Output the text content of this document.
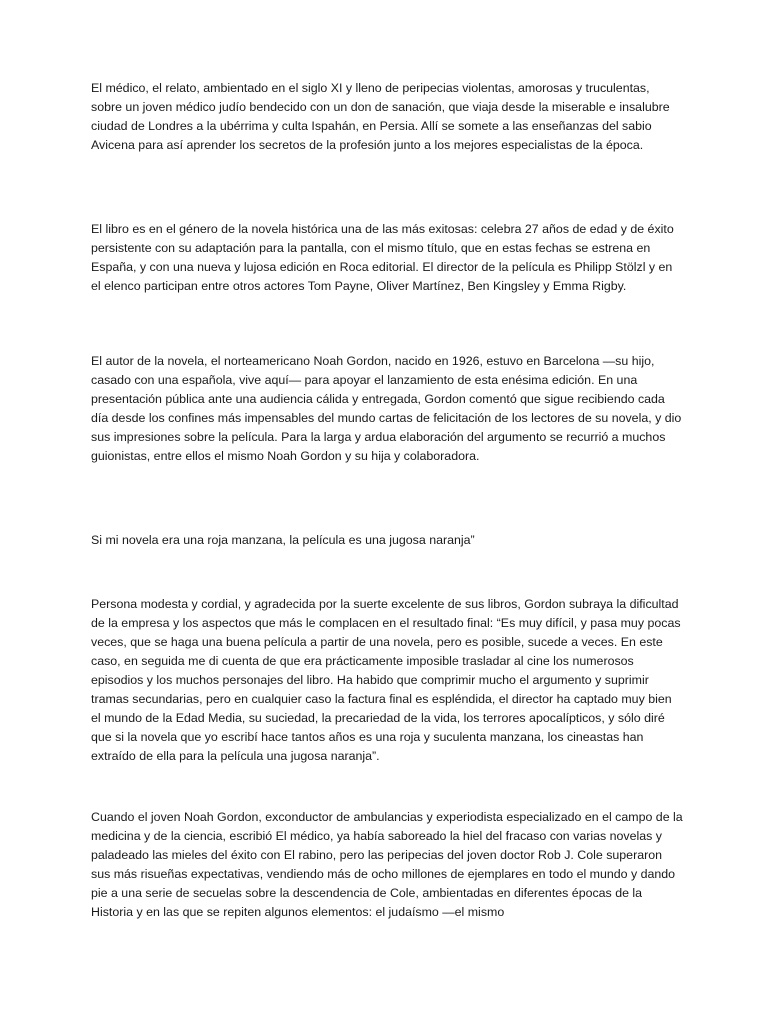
El médico, el relato, ambientado en el siglo XI y lleno de peripecias violentas, amorosas y truculentas, sobre un joven médico judío bendecido con un don de sanación, que viaja desde la miserable e insalubre ciudad de Londres a la ubérrima y culta Ispahán, en Persia. Allí se somete a las enseñanzas del sabio Avicena para así aprender los secretos de la profesión junto a los mejores especialistas de la época.

El libro es en el género de la novela histórica una de las más exitosas: celebra 27 años de edad y de éxito persistente con su adaptación para la pantalla, con el mismo título, que en estas fechas se estrena en España, y con una nueva y lujosa edición en Roca editorial. El director de la película es Philipp Stölzl y en el elenco participan entre otros actores Tom Payne, Oliver Martínez, Ben Kingsley y Emma Rigby.

El autor de la novela, el norteamericano Noah Gordon, nacido en 1926, estuvo en Barcelona —su hijo, casado con una española, vive aquí— para apoyar el lanzamiento de esta enésima edición. En una presentación pública ante una audiencia cálida y entregada, Gordon comentó que sigue recibiendo cada día desde los confines más impensables del mundo cartas de felicitación de los lectores de su novela, y dio sus impresiones sobre la película. Para la larga y ardua elaboración del argumento se recurrió a muchos guionistas, entre ellos el mismo Noah Gordon y su hija y colaboradora.

Si mi novela era una roja manzana, la película es una jugosa naranja”

Persona modesta y cordial, y agradecida por la suerte excelente de sus libros, Gordon subraya la dificultad de la empresa y los aspectos que más le complacen en el resultado final: “Es muy difícil, y pasa muy pocas veces, que se haga una buena película a partir de una novela, pero es posible, sucede a veces. En este caso, en seguida me di cuenta de que era prácticamente imposible trasladar al cine los numerosos episodios y los muchos personajes del libro. Ha habido que comprimir mucho el argumento y suprimir tramas secundarias, pero en cualquier caso la factura final es espléndida, el director ha captado muy bien el mundo de la Edad Media, su suciedad, la precariedad de la vida, los terrores apocalípticos, y sólo diré que si la novela que yo escribí hace tantos años es una roja y suculenta manzana, los cineastas han extraído de ella para la película una jugosa naranja”.

Cuando el joven Noah Gordon, exconductor de ambulancias y experiodista especializado en el campo de la medicina y de la ciencia, escribió El médico, ya había saboreado la hiel del fracaso con varias novelas y paladeado las mieles del éxito con El rabino, pero las peripecias del joven doctor Rob J. Cole superaron sus más risueñas expectativas, vendiendo más de ocho millones de ejemplares en todo el mundo y dando pie a una serie de secuelas sobre la descendencia de Cole, ambientadas en diferentes épocas de la Historia y en las que se repiten algunos elementos: el judaísmo —el mismo
